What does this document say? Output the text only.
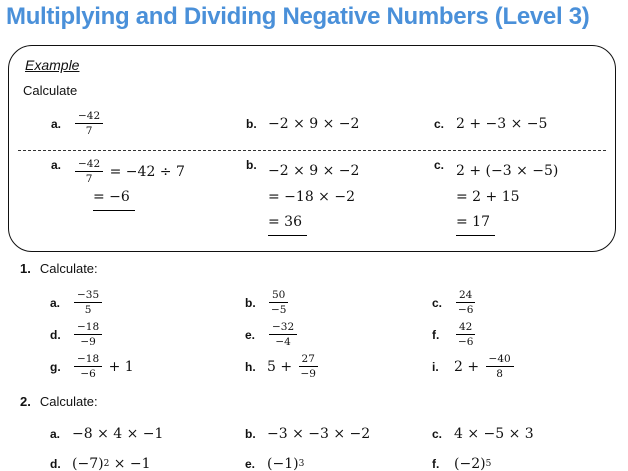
Multiplying and Dividing Negative Numbers (Level 3)
Example
Calculate
a.	$\frac{-42}{7}$	b. −2 × 9 × −2	c. 2 + −3 × −5
a.	$\frac{-42}{7} = -42 \div 7$
= −6
b. −2 × 9 × −2
= −18 × −2
= 36
c. 2 + (−3 × −5)
= 2 + 15
= 17
1. Calculate:
a.	$\frac{-35}{5}$	b.	$\frac{50}{-5}$	c.	$\frac{24}{-6}$
d.	$\frac{-18}{-9}$	e.	$\frac{-32}{-4}$	f.	$\frac{42}{-6}$
g.	$\frac{-18}{-6} + 1$	h. $5 + \frac{27}{-9}$	i.	$2 + \frac{-40}{8}$
2. Calculate:
a. −8 × 4 × −1	b. −3 × −3 × −2	c. 4 × −5 × 3
d. (−7) 2 × −1	e. (−1) 3	f.	(−2) 5
